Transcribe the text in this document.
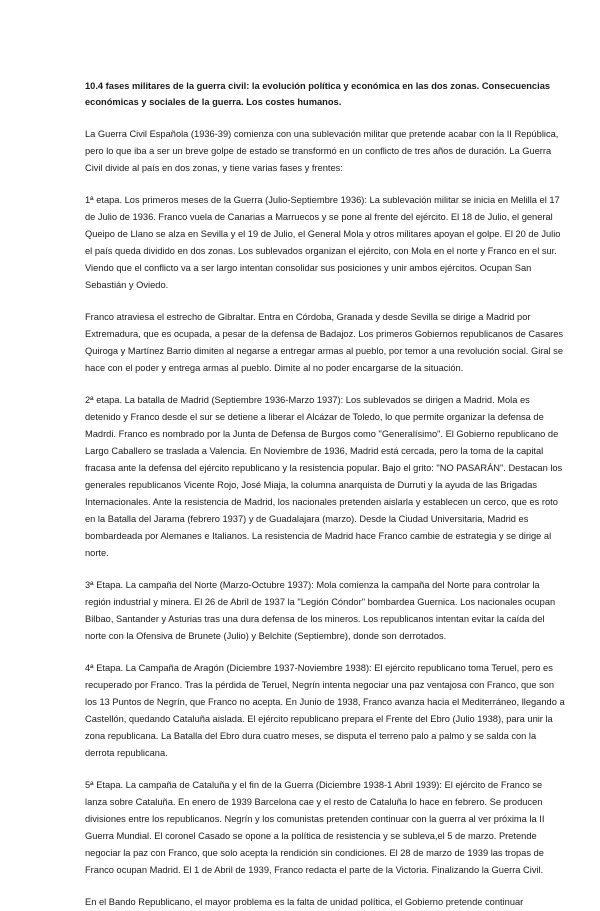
10.4 fases militares de la guerra civil: la evolución política y económica en las dos zonas. Consecuencias económicas y sociales de la guerra. Los costes humanos.

La Guerra Civil Española (1936-39) comienza con una sublevación militar que pretende acabar con la II República, pero lo que iba a ser un breve golpe de estado se transformó en un conflicto de tres años de duración. La Guerra Civil divide al país en dos zonas, y tiene varias fases y frentes:

1ª etapa. Los primeros meses de la Guerra (Julio-Septiembre 1936): La sublevación militar se inicia en Melilla el 17 de Julio de 1936. Franco vuela de Canarias a Marruecos y se pone al frente del ejército. El 18 de Julio, el general Queipo de Llano se alza en Sevilla y el 19 de Julio, el General Mola y otros militares apoyan el golpe. El 20 de Julio el país queda dividido en dos zonas. Los sublevados organizan el ejército, con Mola en el norte y Franco en el sur. Viendo que el conflicto va a ser largo intentan consolidar sus posiciones y unir ambos ejércitos. Ocupan San Sebastián y Oviedo.

Franco atraviesa el estrecho de Gibraltar. Entra en Córdoba, Granada y desde Sevilla se dirige a Madrid por Extremadura, que es ocupada, a pesar de la defensa de Badajoz. Los primeros Gobiernos republicanos de Casares Quiroga y Martínez Barrio dimiten al negarse a entregar armas al pueblo, por temor a una revolución social. Giral se hace con el poder y entrega armas al pueblo. Dimite al no poder encargarse de la situación.

2ª etapa. La batalla de Madrid (Septiembre 1936-Marzo 1937): Los sublevados se dirigen a Madrid. Mola es detenido y Franco desde el sur se detiene a liberar el Alcázar de Toledo, lo que permite organizar la defensa de Madrdi. Franco es nombrado por la Junta de Defensa de Burgos como "Generalísimo". El Gobierno republicano de Largo Caballero se traslada a Valencia. En Noviembre de 1936, Madrid está cercada, pero la toma de la capital fracasa ante la defensa del ejército republicano y la resistencia popular. Bajo el grito: "NO PASARÁN". Destacan los generales republicanos Vicente Rojo, José Miaja, la columna anarquista de Durruti y la ayuda de las Brigadas Internacionales. Ante la resistencia de Madrid, los nacionales pretenden aislarla y establecen un cerco, que es roto en la Batalla del Jarama (febrero 1937) y de Guadalajara (marzo). Desde la Ciudad Universitaria, Madrid es bombardeada por Alemanes e Italianos. La resistencia de Madrid hace Franco cambie de estrategia y se dirige al norte.

3ª Etapa. La campaña del Norte (Marzo-Octubre 1937): Mola comienza la campaña del Norte para controlar la región industrial y minera. El 26 de Abril de 1937 la "Legión Cóndor" bombardea Guernica. Los nacionales ocupan Bilbao, Santander y Asturias tras una dura defensa de los mineros. Los republicanos intentan evitar la caída del norte con la Ofensiva de Brunete (Julio) y Belchite (Septiembre), donde son derrotados.

4ª Etapa. La Campaña de Aragón (Diciembre 1937-Noviembre 1938): El ejército republicano toma Teruel, pero es recuperado por Franco. Tras la pérdida de Teruel, Negrín intenta negociar una paz ventajosa con Franco, que son los 13 Puntos de Negrín, que Franco no acepta. En Junio de 1938, Franco avanza hacia el Mediterráneo, llegando a Castellón, quedando Cataluña aislada. El ejército republicano prepara el Frente del Ebro (Julio 1938), para unir la zona republicana. La Batalla del Ebro dura cuatro meses, se disputa el terreno palo a palmo y se salda con la derrota republicana.

5ª Etapa. La campaña de Cataluña y el fin de la Guerra (Diciembre 1938-1 Abril 1939): El ejército de Franco se lanza sobre Cataluña. En enero de 1939 Barcelona cae y el resto de Cataluña lo hace en febrero. Se producen divisiones entre los republicanos. Negrín y los comunistas pretenden continuar con la guerra al ver próxima la II Guerra Mundial. El coronel Casado se opone a la política de resistencia y se subleva,el 5 de marzo. Pretende negociar la paz con Franco, que solo acepta la rendición sin condiciones. El 28 de marzo de 1939 las tropas de Franco ocupan Madrid. El 1 de Abril de 1939, Franco redacta el parte de la Victoria. Finalizando la Guerra Civil.

En el Bando Republicano, el mayor problema es la falta de unidad política, el Gobierno pretende continuar
